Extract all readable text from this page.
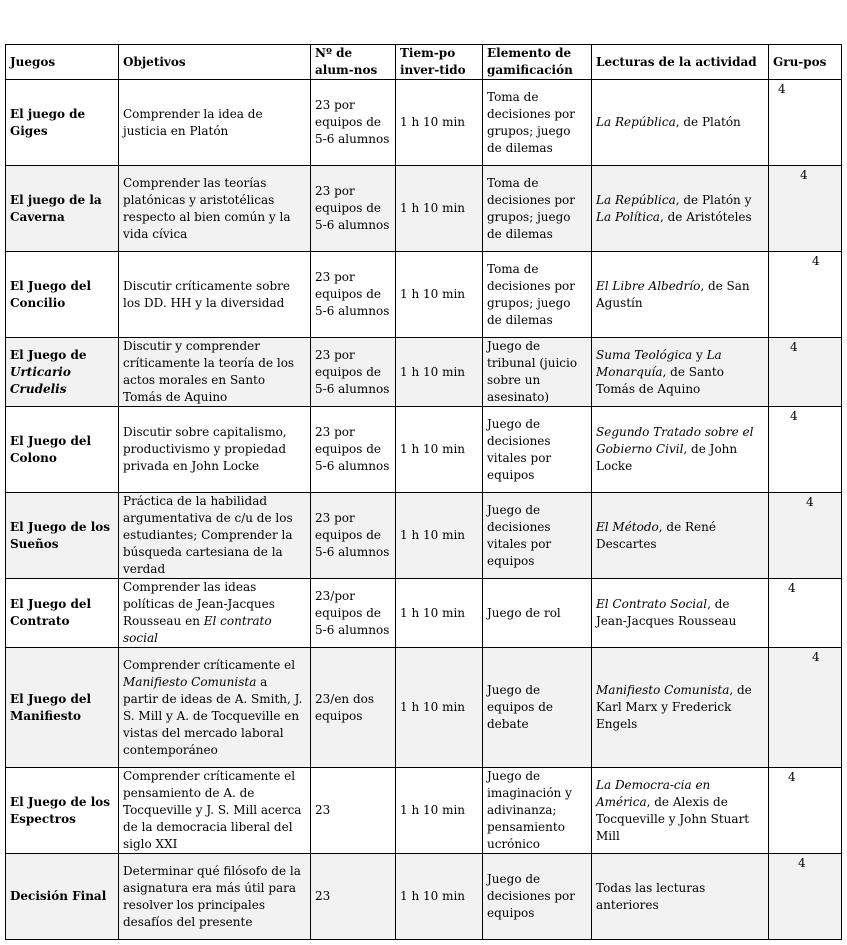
Juegos	Objetivos	Nº de alum-nos	Tiem-po inver-tido	Elemento de gamificación	Lecturas de la actividad	Gru-pos
El juego de Giges	Comprender la idea de justicia en Platón	23 por equipos de 5-6 alumnos	1 h 10 min	Toma de decisiones por grupos; juego de dilemas	La República, de Platón	4
El juego de la Caverna	Comprender las teorías platónicas y aristotélicas respecto al bien común y la vida cívica	23 por equipos de 5-6 alumnos	1 h 10 min	Toma de decisiones por grupos; juego de dilemas	La República, de Platón y La Política, de Aristóteles	4
El Juego del Concilio	Discutir críticamente sobre los DD. HH y la diversidad	23 por equipos de 5-6 alumnos	1 h 10 min	Toma de decisiones por grupos; juego de dilemas	El Libre Albedrío, de San Agustín	4
El Juego de Urticario Crudelis	Discutir y comprender críticamente la teoría de los actos morales en Santo Tomás de Aquino	23 por equipos de 5-6 alumnos	1 h 10 min	Juego de tribunal (juicio sobre un asesinato)	Suma Teológica y La Monarquía, de Santo Tomás de Aquino	4
El Juego del Colono	Discutir sobre capitalismo, productivismo y propiedad privada en John Locke	23 por equipos de 5-6 alumnos	1 h 10 min	Juego de decisiones vitales por equipos	Segundo Tratado sobre el Gobierno Civil, de John Locke	4
El Juego de los Sueños	Práctica de la habilidad argumentativa de c/u de los estudiantes; Comprender la búsqueda cartesiana de la verdad	23 por equipos de 5-6 alumnos	1 h 10 min	Juego de decisiones vitales por equipos	El Método, de René Descartes	4
El Juego del Contrato	Comprender las ideas políticas de Jean-Jacques Rousseau en El contrato social	23/por equipos de 5-6 alumnos	1 h 10 min	Juego de rol	El Contrato Social, de Jean-Jacques Rousseau	4
El Juego del Manifiesto	Comprender críticamente el Manifiesto Comunista a partir de ideas de A. Smith, J. S. Mill y A. de Tocqueville en vistas del mercado laboral contemporáneo	23/en dos equipos	1 h 10 min	Juego de equipos de debate	Manifiesto Comunista, de Karl Marx y Frederick Engels	4
El Juego de los Espectros	Comprender críticamente el pensamiento de A. de Tocqueville y J. S. Mill acerca de la democracia liberal del siglo XXI	23	1 h 10 min	Juego de imaginación y adivinanza; pensamiento ucrónico	La Democra-cia en América, de Alexis de Tocqueville y John Stuart Mill	4
Decisión Final	Determinar qué filósofo de la asignatura era más útil para resolver los principales desafíos del presente	23	1 h 10 min	Juego de decisiones por equipos	Todas las lecturas anteriores	4
